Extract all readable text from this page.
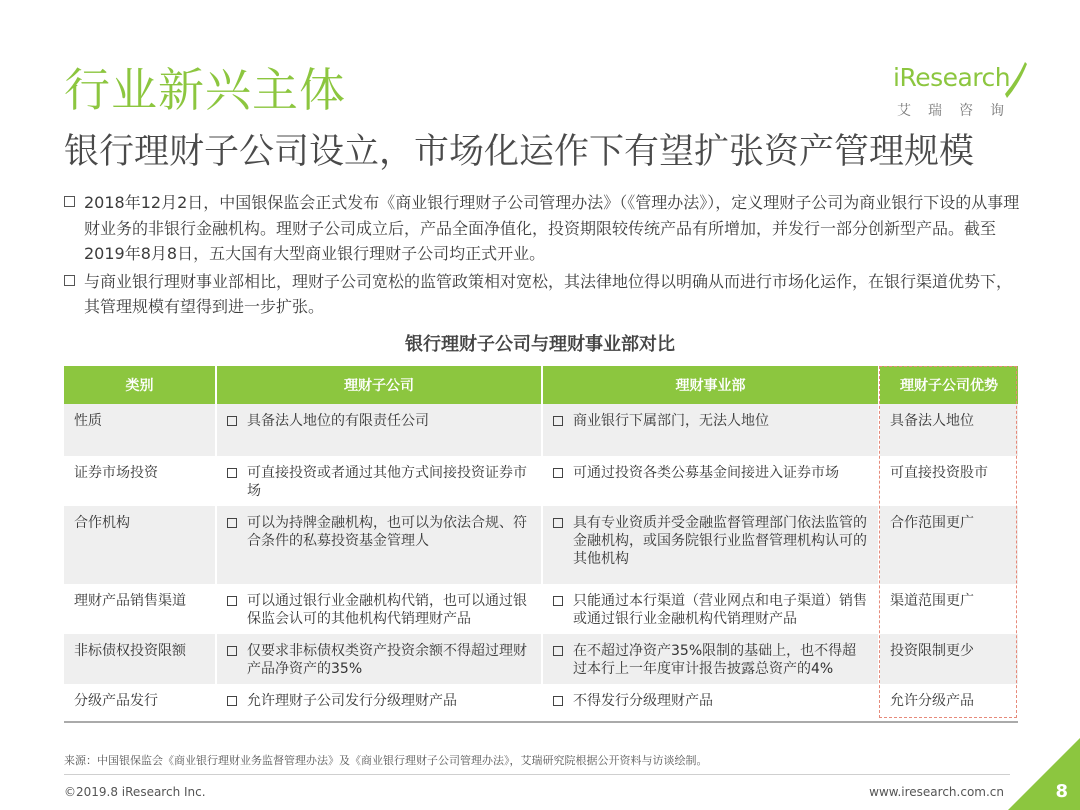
行业新兴主体	iResearch
艾瑞咨询
银行理财子公司设立，市场化运作下有望扩张资产管理规模

2018年12月2日，中国银保监会正式发布《商业银行理财子公司管理办法》（《管理办法》），定义理财子公司为商业银行下设的从事理财业务的非银行金融机构。理财子公司成立后，产品全面净值化，投资期限较传统产品有所增加，并发行一部分创新型产品。截至2019年8月8日，五大国有大型商业银行理财子公司均正式开业。

与商业银行理财事业部相比，理财子公司宽松的监管政策相对宽松，其法律地位得以明确从而进行市场化运作，在银行渠道优势下，其管理规模有望得到进一步扩张。

银行理财子公司与理财事业部对比
类别	理财子公司	理财事业部	理财子公司优势
性质	具备法人地位的有限责任公司	商业银行下属部门，无法人地位	具备法人地位
证券市场投资	可直接投资或者通过其他方式间接投资证券市场	可通过投资各类公募基金间接进入证券市场	可直接投资股市
合作机构	可以为持牌金融机构，也可以为依法合规、符合条件的私募投资基金管理人	具有专业资质并受金融监督管理部门依法监管的金融机构，或国务院银行业监督管理机构认可的其他机构	合作范围更广
理财产品销售渠道	可以通过银行业金融机构代销，也可以通过银保监会认可的其他机构代销理财产品	只能通过本行渠道（营业网点和电子渠道）销售或通过银行业金融机构代销理财产品	渠道范围更广
非标债权投资限额	仅要求非标债权类资产投资余额不得超过理财产品净资产的35%	在不超过净资产35%限制的基础上，也不得超过本行上一年度审计报告披露总资产的4%	投资限制更少
分级产品发行	允许理财子公司发行分级理财产品	不得发行分级理财产品	允许分级产品
来源：中国银保监会《商业银行理财业务监督管理办法》及《商业银行理财子公司管理办法》，艾瑞研究院根据公开资料与访谈绘制。
©2019.8 iResearch Inc.	www.iresearch.com.cn	8
